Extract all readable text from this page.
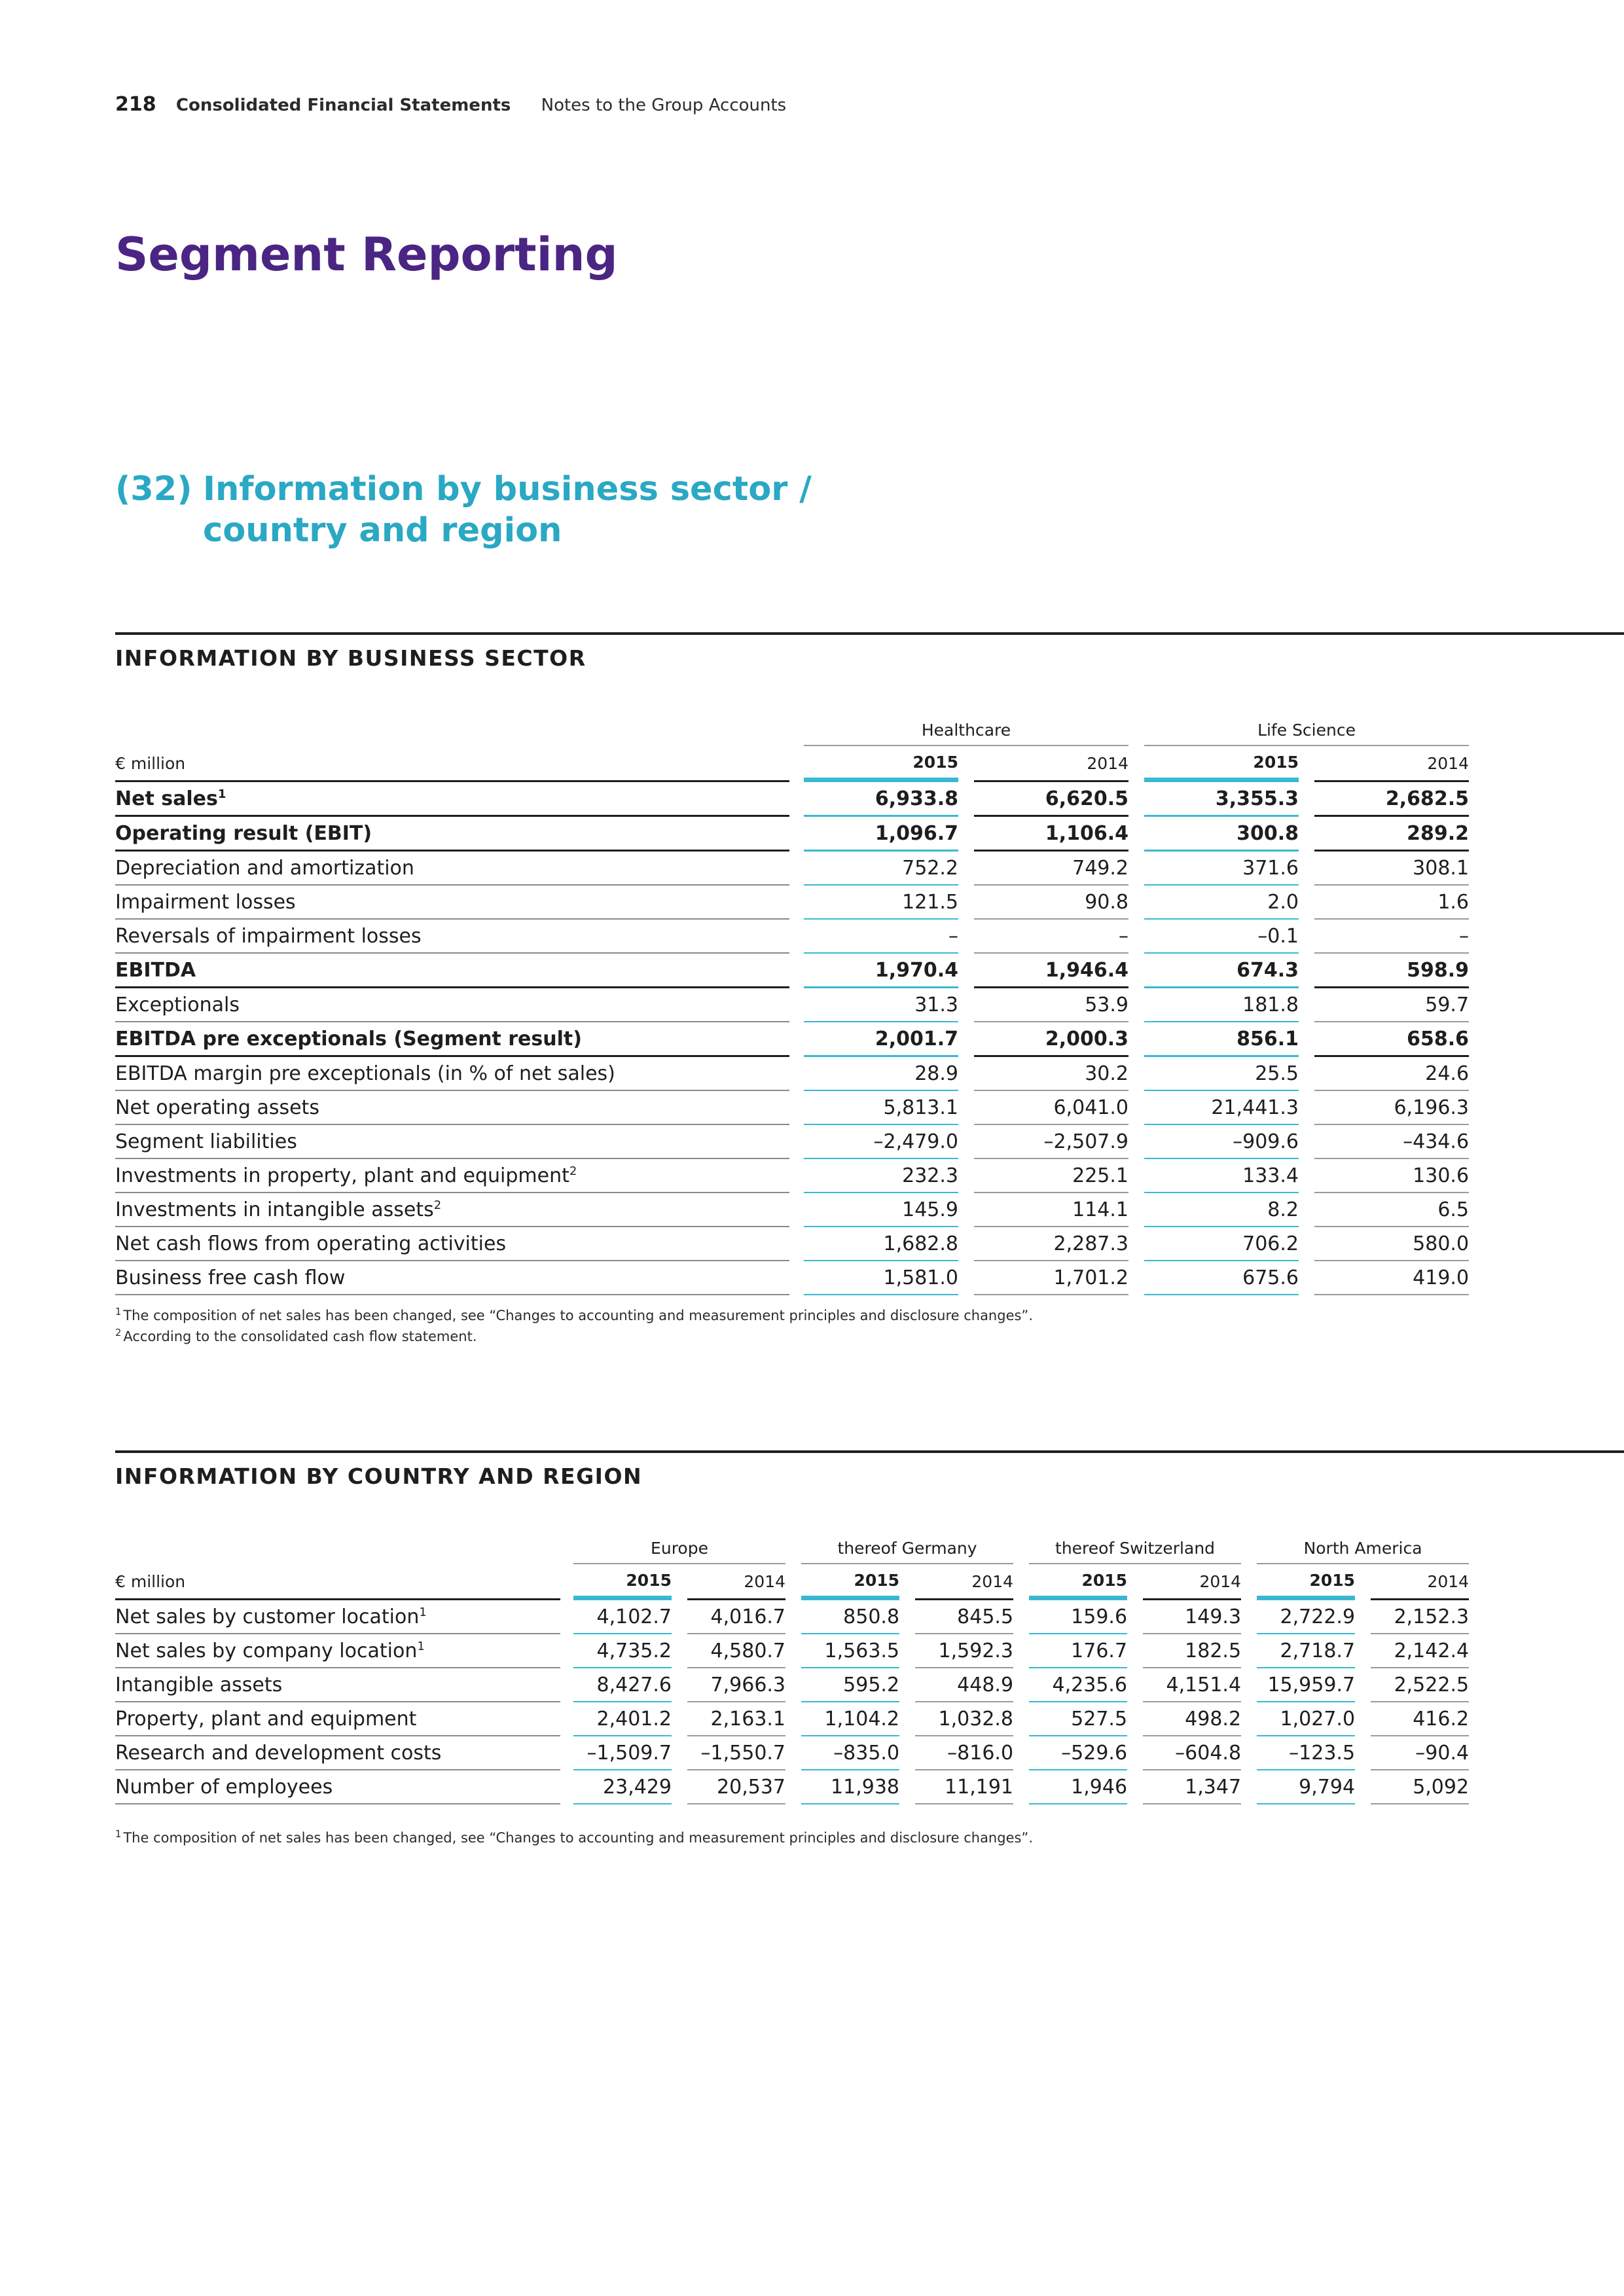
218 Consolidated Financial Statements Notes to the Group Accounts
Segment Reporting
(32) Information by business sector /
country and region
INFORMATION BY BUSINESS SECTOR
		Healthcare				Life Science		
€ million		2015		2014		2015		2014
Net sales$^1$		6,933.8		6,620.5		3,355.3		2,682.5
Operating result (EBIT)		1,096.7		1,106.4		300.8		289.2
Depreciation and amortization		752.2		749.2		371.6		308.1
Impairment losses		121.5		90.8		2.0		1.6
Reversals of impairment losses		–		–		–0.1		–
EBITDA		1,970.4		1,946.4		674.3		598.9
Exceptionals		31.3		53.9		181.8		59.7
EBITDA pre exceptionals (Segment result)		2,001.7		2,000.3		856.1		658.6
EBITDA margin pre exceptionals (in % of net sales)		28.9		30.2		25.5		24.6
Net operating assets		5,813.1		6,041.0		21,441.3		6,196.3
Segment liabilities		–2,479.0		–2,507.9		–909.6		–434.6
Investments in property, plant and equipment$^2$		232.3		225.1		133.4		130.6
Investments in intangible assets$^2$		145.9		114.1		8.2		6.5
Net cash flows from operating activities		1,682.8		2,287.3		706.2		580.0
Business free cash flow		1,581.0		1,701.2		675.6		419.0
$^1$ The composition of net sales has been changed, see “Changes to accounting and measurement principles and disclosure changes”.
$^2$ According to the consolidated cash flow statement.
INFORMATION BY COUNTRY AND REGION
		Europe				thereof Germany				thereof Switzerland				North America		
€ million		2015		2014		2015		2014		2015		2014		2015		2014
Net sales by customer location$^1$		4,102.7		4,016.7		850.8		845.5		159.6		149.3		2,722.9		2,152.3
Net sales by company location$^1$		4,735.2		4,580.7		1,563.5		1,592.3		176.7		182.5		2,718.7		2,142.4
Intangible assets		8,427.6		7,966.3		595.2		448.9		4,235.6		4,151.4		15,959.7		2,522.5
Property, plant and equipment		2,401.2		2,163.1		1,104.2		1,032.8		527.5		498.2		1,027.0		416.2
Research and development costs		–1,509.7		–1,550.7		–835.0		–816.0		–529.6		–604.8		–123.5		–90.4
Number of employees		23,429		20,537		11,938		11,191		1,946		1,347		9,794		5,092
$^1$ The composition of net sales has been changed, see “Changes to accounting and measurement principles and disclosure changes”.
